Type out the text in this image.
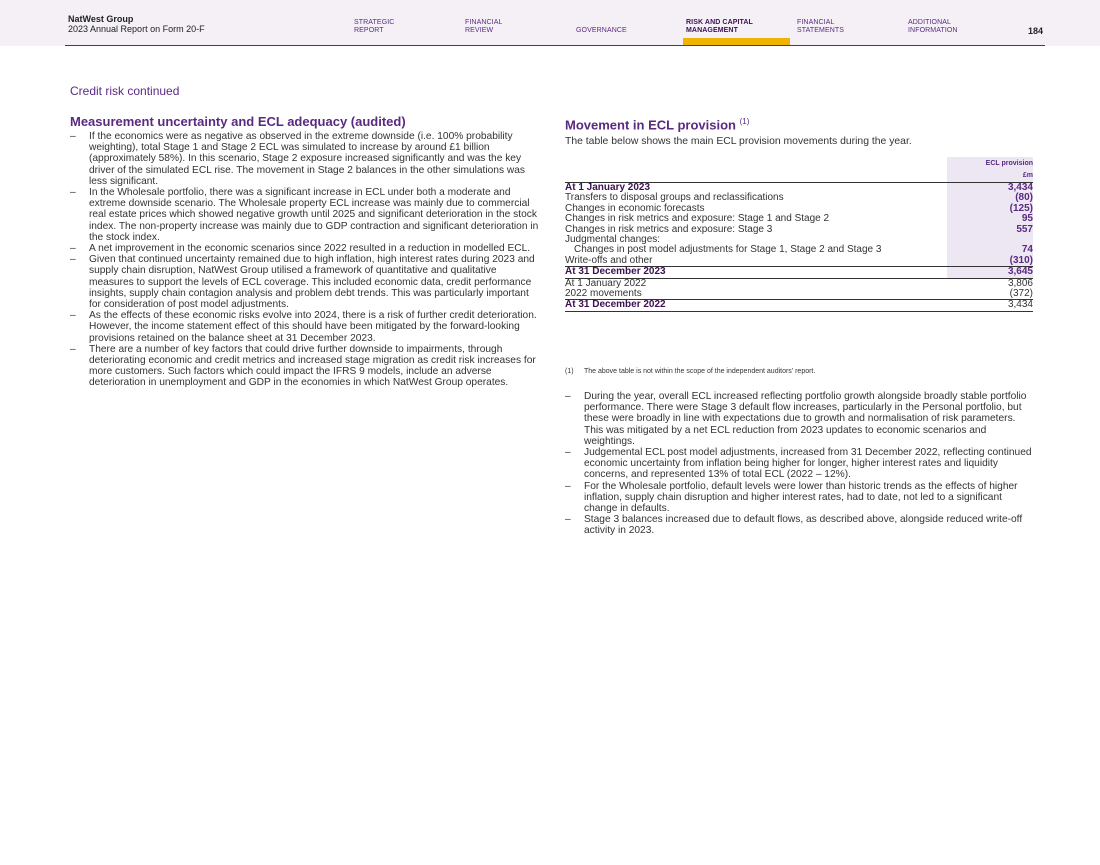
NatWest Group
2023 Annual Report on Form 20-F
STRATEGIC
REPORT
FINANCIAL
REVIEW	GOVERNANCE
RISK AND CAPITAL
MANAGEMENT
FINANCIAL
STATEMENTS
ADDITIONAL
INFORMATION	184
Credit risk continued
Measurement uncertainty and ECL adequacy (audited)
– If the economics were as negative as observed in the extreme downside (i.e. 100% probability weighting), total Stage 1 and Stage 2 ECL was simulated to increase by around £1 billion (approximately 58%). In this scenario, Stage 2 exposure increased significantly and was the key driver of the simulated ECL rise. The movement in Stage 2 balances in the other simulations was less significant.
– In the Wholesale portfolio, there was a significant increase in ECL under both a moderate and extreme downside scenario. The Wholesale property ECL increase was mainly due to commercial real estate prices which showed negative growth until 2025 and significant deterioration in the stock index. The non-property increase was mainly due to GDP contraction and significant deterioration in the stock index.
– A net improvement in the economic scenarios since 2022 resulted in a reduction in modelled ECL.
– Given that continued uncertainty remained due to high inflation, high interest rates during 2023 and supply chain disruption, NatWest Group utilised a framework of quantitative and qualitative measures to support the levels of ECL coverage. This included economic data, credit performance insights, supply chain contagion analysis and problem debt trends. This was particularly important for consideration of post model adjustments.
– As the effects of these economic risks evolve into 2024, there is a risk of further credit deterioration. However, the income statement effect of this should have been mitigated by the forward-looking provisions retained on the balance sheet at 31 December 2023.
– There are a number of key factors that could drive further downside to impairments, through deteriorating economic and credit metrics and increased stage migration as credit risk increases for more customers. Such factors which could impact the IFRS 9 models, include an adverse deterioration in unemployment and GDP in the economies in which NatWest Group operates.
Movement in ECL provision $^{(1)}$
The table below shows the main ECL provision movements during the year.
	ECL provision
	£m
At 1 January 2023	3,434
Transfers to disposal groups and reclassifications	(80)
Changes in economic forecasts	(125)
Changes in risk metrics and exposure: Stage 1 and Stage 2	95
Changes in risk metrics and exposure: Stage 3	557
Judgmental changes:	
Changes in post model adjustments for Stage 1, Stage 2 and Stage 3	74
Write-offs and other	(310)
At 31 December 2023	3,645
At 1 January 2022	3,806
2022 movements	(372)
At 31 December 2022	3,434
(1) The above table is not within the scope of the independent auditors' report.
– During the year, overall ECL increased reflecting portfolio growth alongside broadly stable portfolio performance. There were Stage 3 default flow increases, particularly in the Personal portfolio, but these were broadly in line with expectations due to growth and normalisation of risk parameters. This was mitigated by a net ECL reduction from 2023 updates to economic scenarios and weightings.
– Judgemental ECL post model adjustments, increased from 31 December 2022, reflecting continued economic uncertainty from inflation being higher for longer, higher interest rates and liquidity concerns, and represented 13% of total ECL (2022 – 12%).
– For the Wholesale portfolio, default levels were lower than historic trends as the effects of higher inflation, supply chain disruption and higher interest rates, had to date, not led to a significant change in defaults.
– Stage 3 balances increased due to default flows, as described above, alongside reduced write-off activity in 2023.
